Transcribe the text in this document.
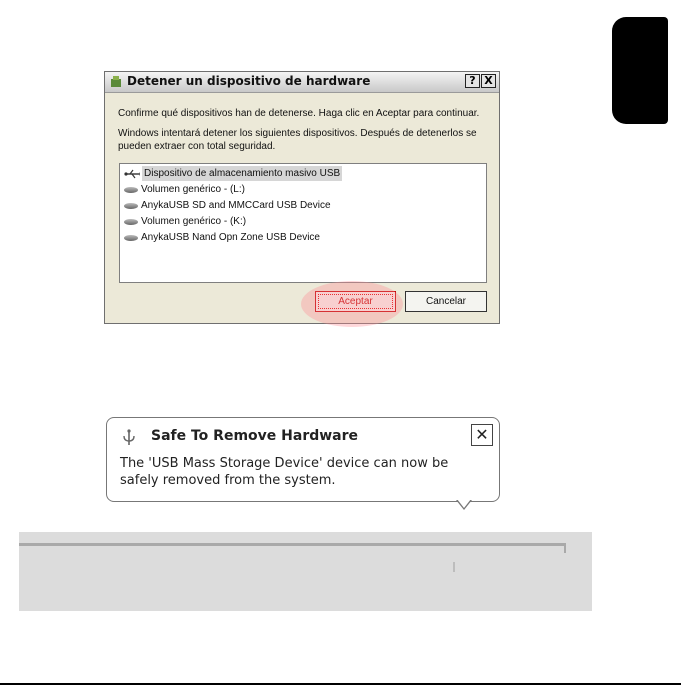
Detener un dispositivo de hardware	? X
Confirme qué dispositivos han de detenerse. Haga clic en Aceptar para continuar.
Windows intentará detener los siguientes dispositivos. Después de detenerlos se
pueden extraer con total seguridad.
Dispositivo de almacenamiento masivo USB
Volumen genérico - (L:)
AnykaUSB SD and MMCCard USB Device
Volumen genérico - (K:)
AnykaUSB Nand Opn Zone USB Device
Aceptar	Cancelar
Safe To Remove Hardware	✕
The 'USB Mass Storage Device' device can now be safely removed from the system.
